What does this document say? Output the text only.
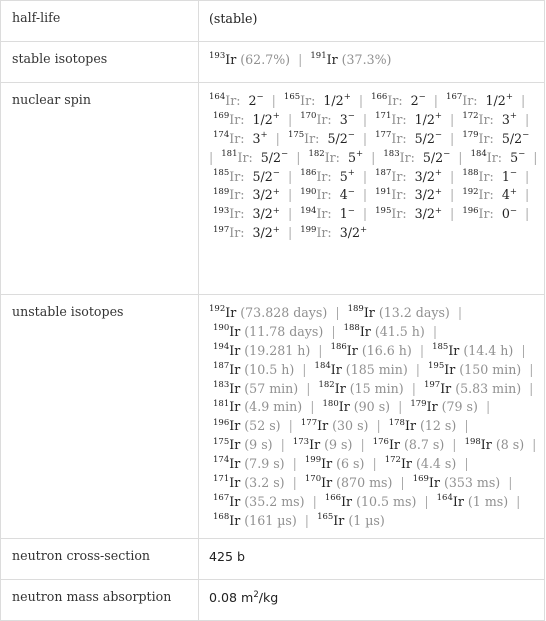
half-life	(stable)
stable isotopes	$^{193}$Ir (62.7%) | $^{191}$Ir (37.3%)
nuclear spin	$^{164}$Ir: 2− | $^{165}$Ir: 1/2+ | $^{166}$Ir: 2− | $^{167}$Ir: 1/2+ |  $^{169}$Ir: 1/2+ | $^{170}$Ir: 3− | $^{171}$Ir: 1/2+ | $^{172}$Ir: 3+ |  $^{174}$Ir: 3+ | $^{175}$Ir: 5/2− | $^{177}$Ir: 5/2− | $^{179}$Ir: 5/2−  | $^{181}$Ir: 5/2− | $^{182}$Ir: 5+ | $^{183}$Ir: 5/2− | $^{184}$Ir: 5− |  $^{185}$Ir: 5/2− | $^{186}$Ir: 5+ | $^{187}$Ir: 3/2+ | $^{188}$Ir: 1− |  $^{189}$Ir: 3/2+ | $^{190}$Ir: 4− | $^{191}$Ir: 3/2+ | $^{192}$Ir: 4+ |  $^{193}$Ir: 3/2+ | $^{194}$Ir: 1− | $^{195}$Ir: 3/2+ | $^{196}$Ir: 0− |  $^{197}$Ir: 3/2+ | $^{199}$Ir: 3/2+
unstable isotopes	$^{192}$Ir (73.828 days) | $^{189}$Ir (13.2 days) |  $^{190}$Ir (11.78 days) | $^{188}$Ir (41.5 h) |  $^{194}$Ir (19.281 h) | $^{186}$Ir (16.6 h) | $^{185}$Ir (14.4 h) |  $^{187}$Ir (10.5 h) | $^{184}$Ir (185 min) | $^{195}$Ir (150 min) |  $^{183}$Ir (57 min) | $^{182}$Ir (15 min) | $^{197}$Ir (5.83 min) |  $^{181}$Ir (4.9 min) | $^{180}$Ir (90 s) | $^{179}$Ir (79 s) |  $^{196}$Ir (52 s) | $^{177}$Ir (30 s) | $^{178}$Ir (12 s) |  $^{175}$Ir (9 s) | $^{173}$Ir (9 s) | $^{176}$Ir (8.7 s) | $^{198}$Ir (8 s) |  $^{174}$Ir (7.9 s) | $^{199}$Ir (6 s) | $^{172}$Ir (4.4 s) |  $^{171}$Ir (3.2 s) | $^{170}$Ir (870 ms) | $^{169}$Ir (353 ms) |  $^{167}$Ir (35.2 ms) | $^{166}$Ir (10.5 ms) | $^{164}$Ir (1 ms) |  $^{168}$Ir (161 µs) | $^{165}$Ir (1 µs)
neutron cross-section	425 b
neutron mass absorption	0.08 $m^2/kg$
